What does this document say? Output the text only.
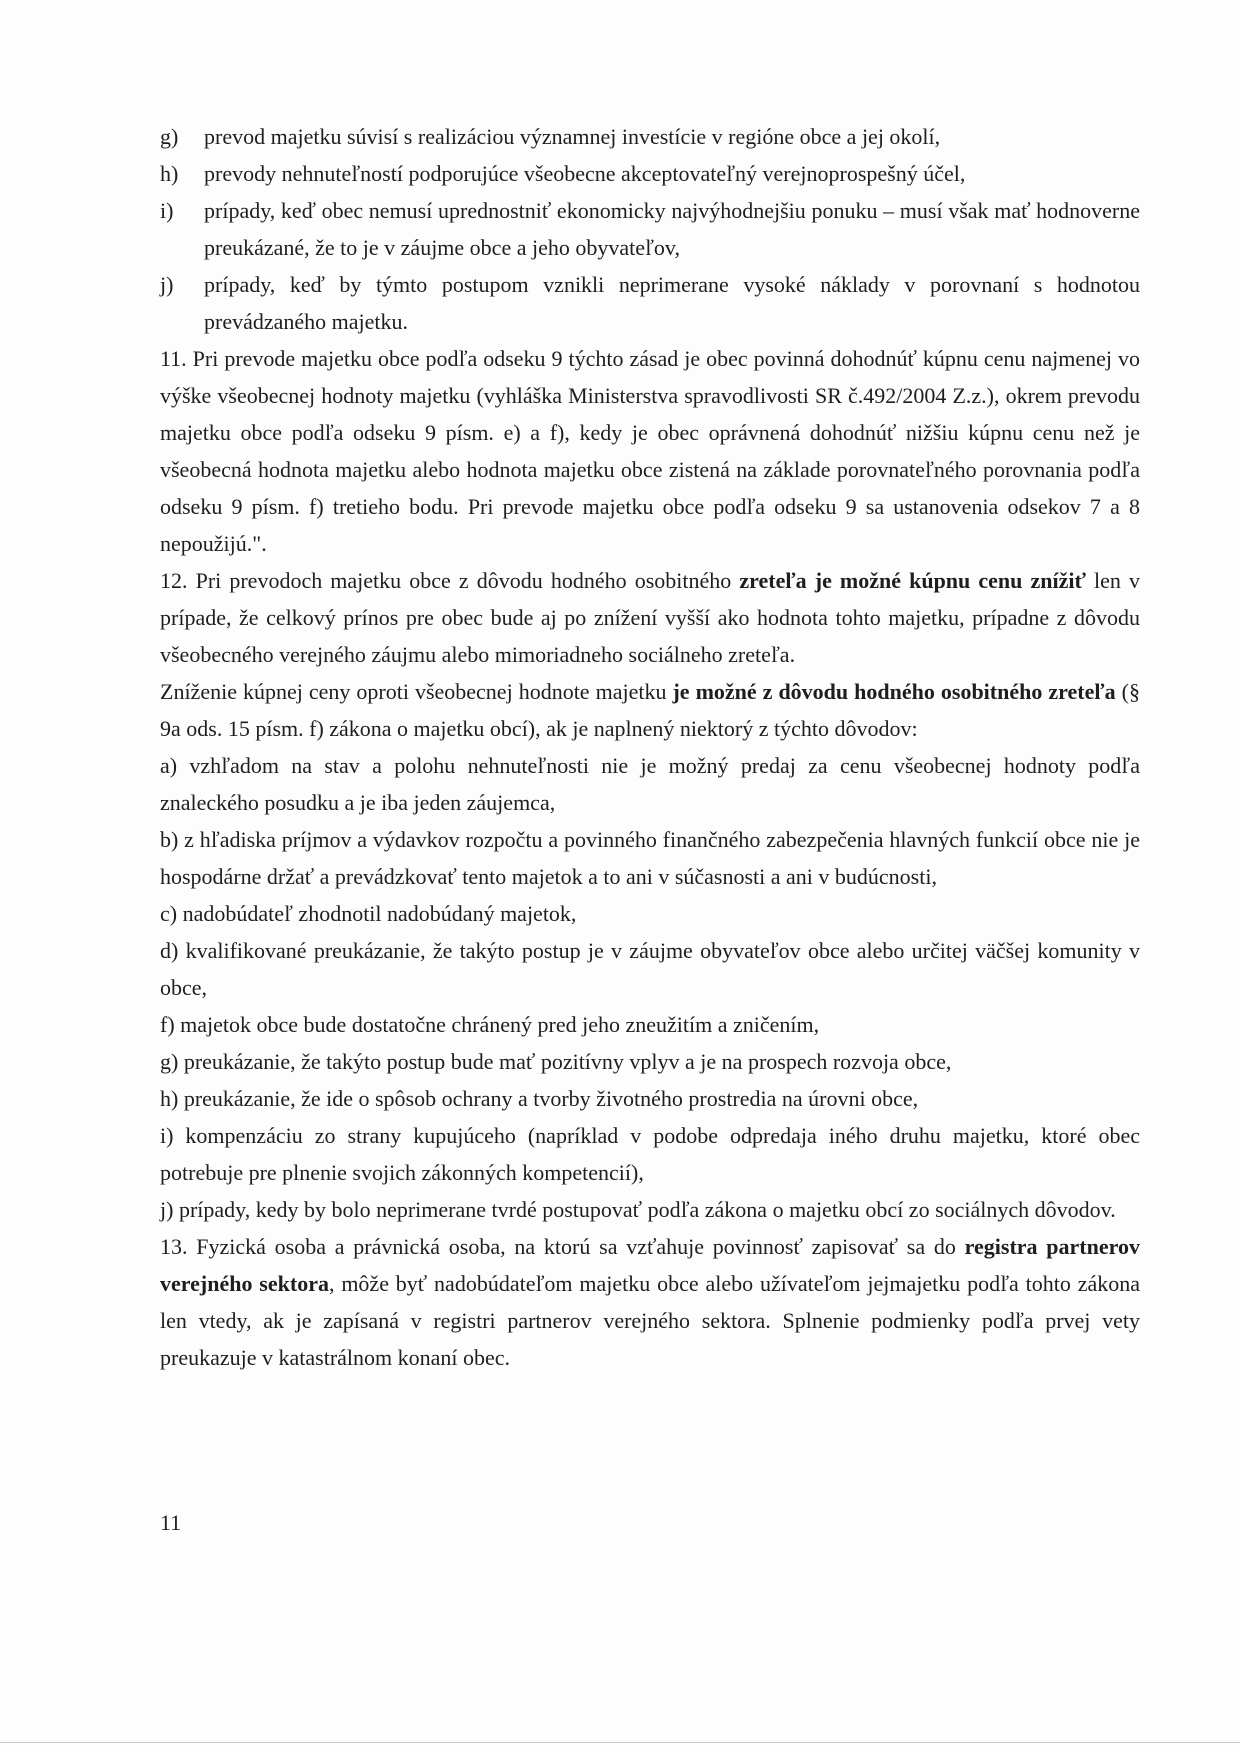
g)	prevod majetku súvisí s realizáciou významnej investície v regióne obce a jej okolí,
h)	prevody nehnuteľností podporujúce všeobecne akceptovateľný verejnoprospešný účel,
i)	prípady, keď obec nemusí uprednostniť ekonomicky najvýhodnejšiu ponuku – musí však mať hodnoverne preukázané, že to je v záujme obce a jeho obyvateľov,
j)	prípady, keď by týmto postupom vznikli neprimerane vysoké náklady v porovnaní s hodnotou prevádzaného majetku.

11. Pri prevode majetku obce podľa odseku 9 týchto zásad je obec povinná dohodnúť kúpnu cenu najmenej vo výške všeobecnej hodnoty majetku (vyhláška Ministerstva spravodlivosti SR č.492/2004 Z.z.), okrem prevodu majetku obce podľa odseku 9 písm. e) a f), kedy je obec oprávnená dohodnúť nižšiu kúpnu cenu než je všeobecná hodnota majetku alebo hodnota majetku obce zistená na základe porovnateľného porovnania podľa odseku 9 písm. f) tretieho bodu. Pri prevode majetku obce podľa odseku 9 sa ustanovenia odsekov 7 a 8 nepoužijú.".

12. Pri prevodoch majetku obce z dôvodu hodného osobitného zreteľa je možné kúpnu cenu znížiť len v prípade, že celkový prínos pre obec bude aj po znížení vyšší ako hodnota tohto majetku, prípadne z dôvodu všeobecného verejného záujmu alebo mimoriadneho sociálneho zreteľa.

Zníženie kúpnej ceny oproti všeobecnej hodnote majetku je možné z dôvodu hodného osobitného zreteľa (§ 9a ods. 15 písm. f) zákona o majetku obcí), ak je naplnený niektorý z týchto dôvodov:

a) vzhľadom na stav a polohu nehnuteľnosti nie je možný predaj za cenu všeobecnej hodnoty podľa znaleckého posudku a je iba jeden záujemca,

b) z hľadiska príjmov a výdavkov rozpočtu a povinného finančného zabezpečenia hlavných funkcií obce nie je hospodárne držať a prevádzkovať tento majetok a to ani v súčasnosti a ani v budúcnosti,

c) nadobúdateľ zhodnotil nadobúdaný majetok,

d) kvalifikované preukázanie, že takýto postup je v záujme obyvateľov obce alebo určitej väčšej komunity v obce,

f) majetok obce bude dostatočne chránený pred jeho zneužitím a zničením,

g) preukázanie, že takýto postup bude mať pozitívny vplyv a je na prospech rozvoja obce,

h) preukázanie, že ide o spôsob ochrany a tvorby životného prostredia na úrovni obce,

i) kompenzáciu zo strany kupujúceho (napríklad v podobe odpredaja iného druhu majetku, ktoré obec potrebuje pre plnenie svojich zákonných kompetencií),

j) prípady, kedy by bolo neprimerane tvrdé postupovať podľa zákona o majetku obcí zo sociálnych dôvodov.

13. Fyzická osoba a právnická osoba, na ktorú sa vzťahuje povinnosť zapisovať sa do registra partnerov verejného sektora, môže byť nadobúdateľom majetku obce alebo užívateľom jejmajetku podľa tohto zákona len vtedy, ak je zapísaná v registri partnerov verejného sektora. Splnenie podmienky podľa prvej vety preukazuje v katastrálnom konaní obec.

11
